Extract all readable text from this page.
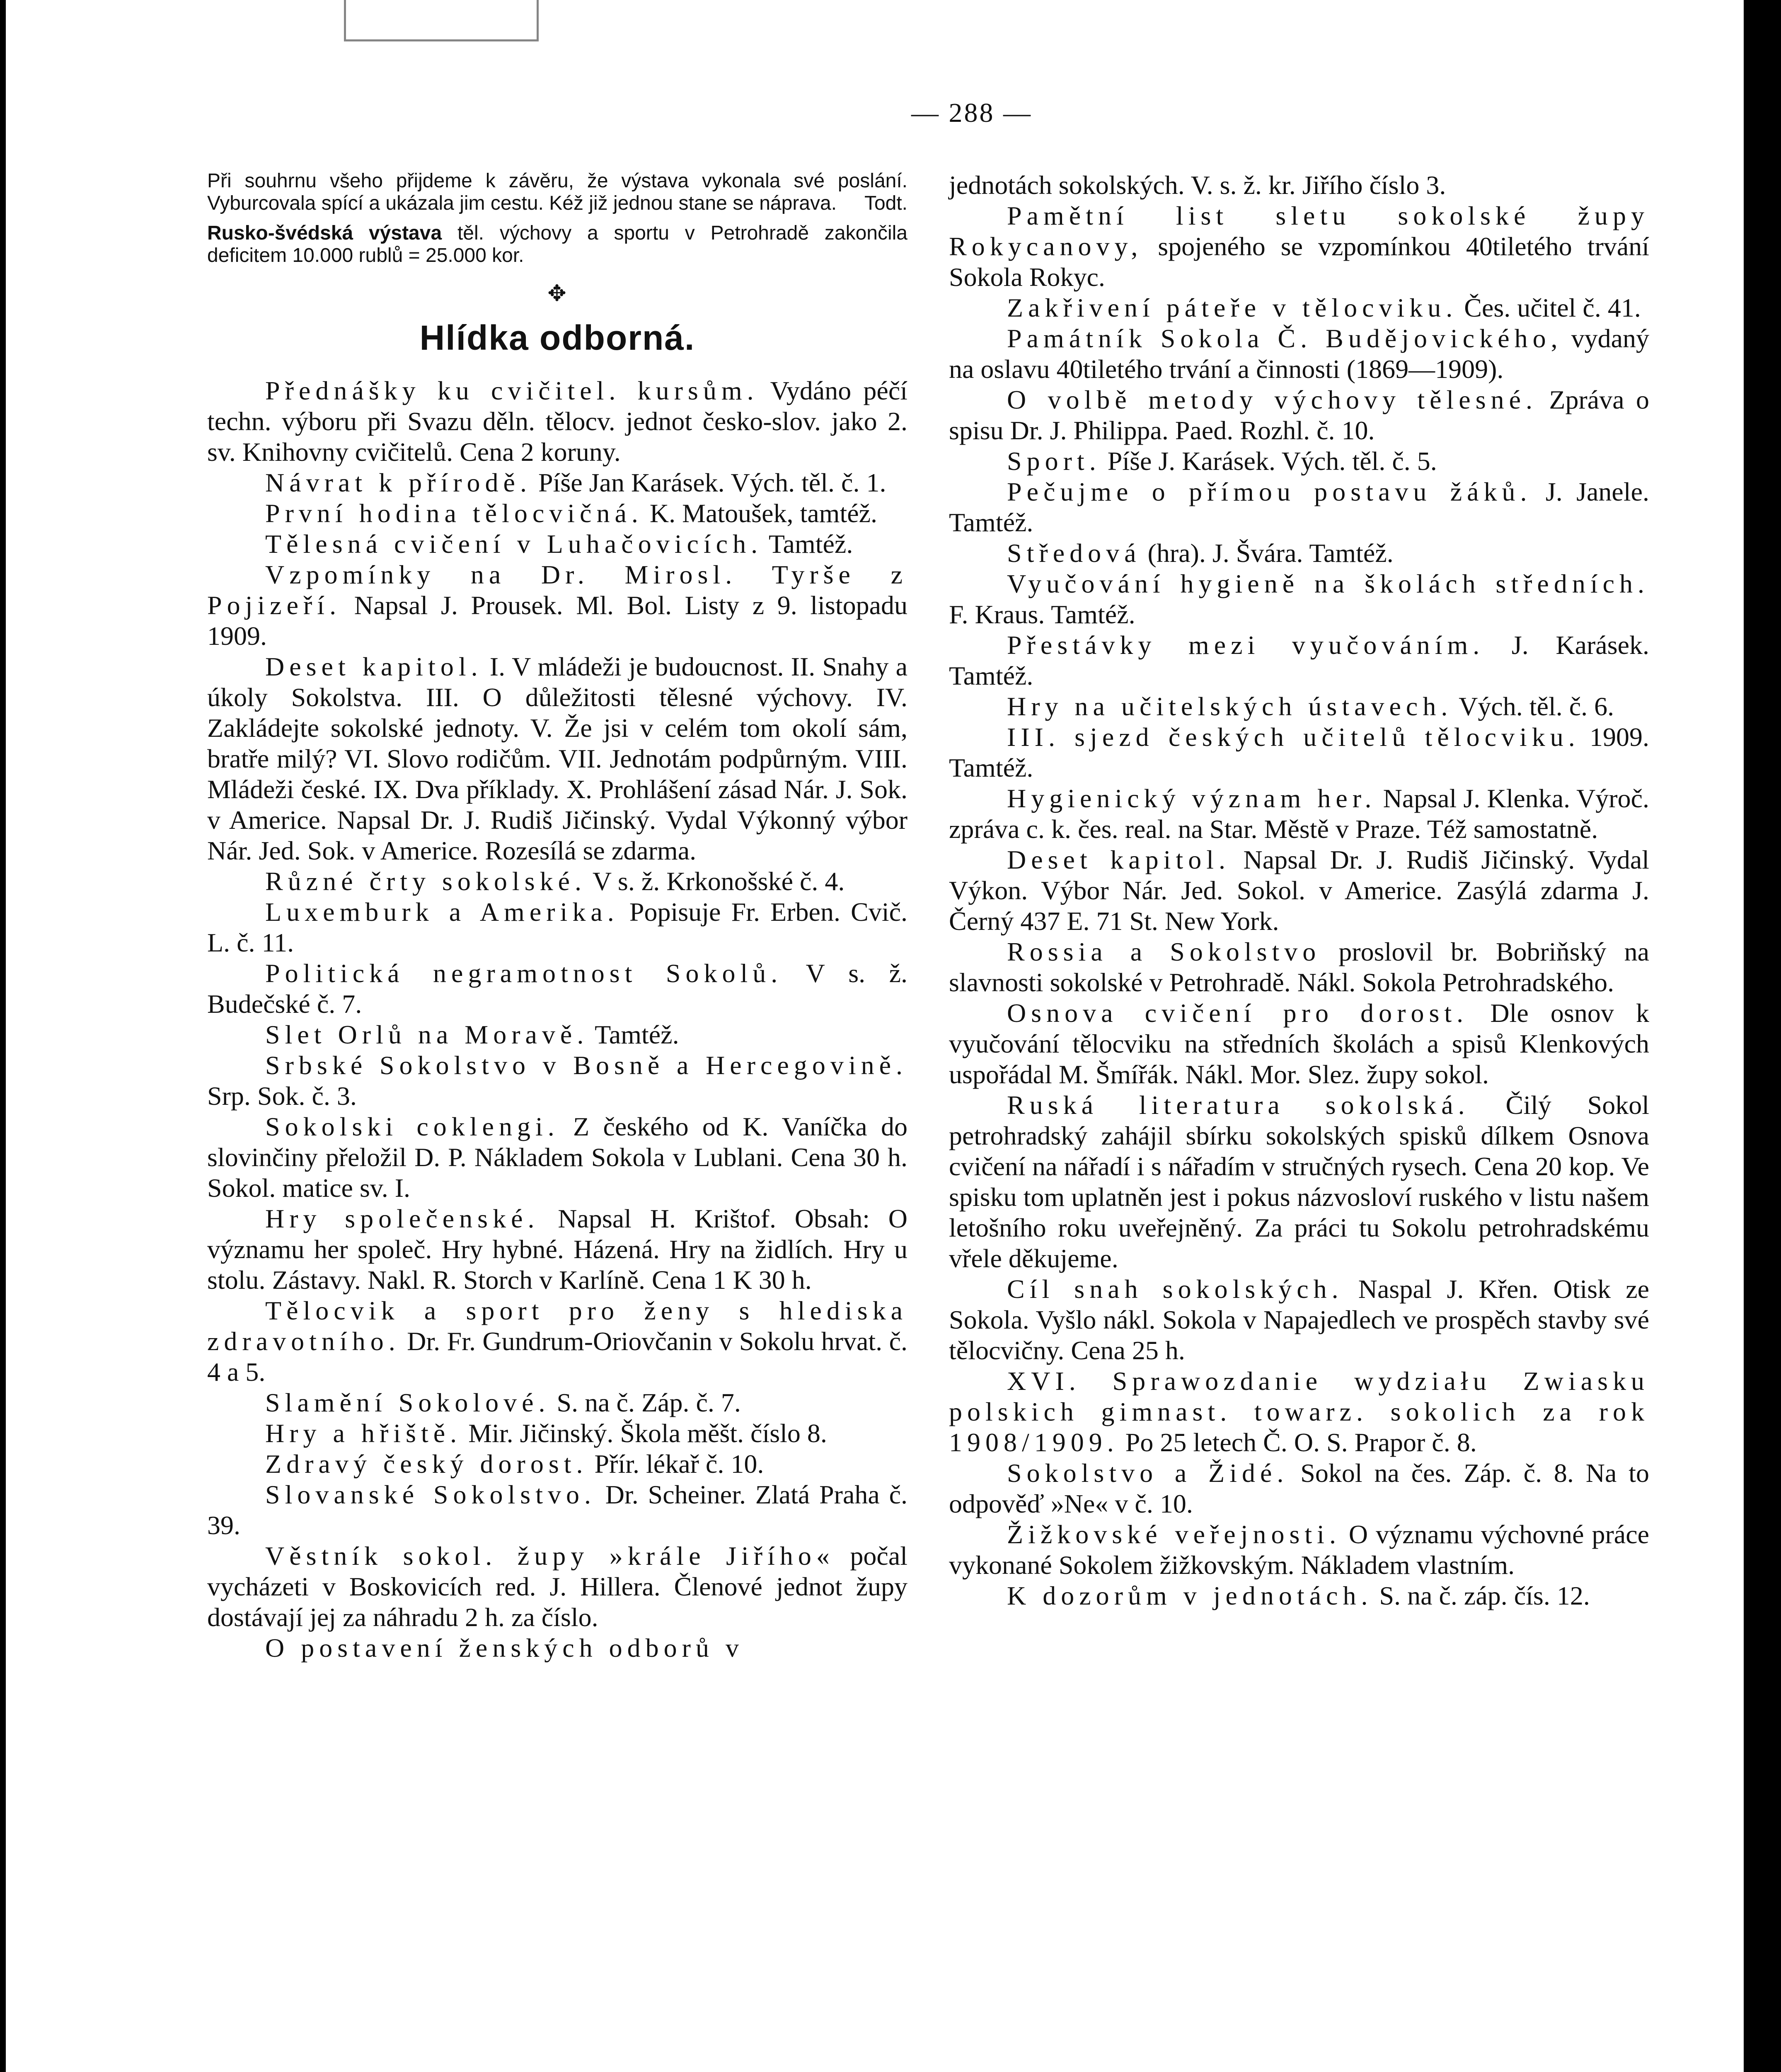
— 288 —

Při souhrnu všeho přijdeme k závěru, že výstava vykonala své poslání. Vyburcovala spící a ukázala jim cestu. Kéž již jednou stane se náprava. Todt.

Rusko-švédská výstava těl. výchovy a sportu v Petrohradě zakončila deficitem 10.000 rublů = 25.000 kor.

✥
Hlídka odborná.

Přednášky ku cvičitel. kursům. Vydáno péčí techn. výboru při Svazu děln. tělocv. jednot česko-slov. jako 2. sv. Knihovny cvičitelů. Cena 2 koruny.

Návrat k přírodě. Píše Jan Karásek. Vých. těl. č. 1.

První hodina tělocvičná. K. Matoušek, tamtéž.

Tělesná cvičení v Luhačovicích. Tamtéž.

Vzpomínky na Dr. Mirosl. Tyrše z Pojizeří. Napsal J. Prousek. Ml. Bol. Listy z 9. listopadu 1909.

Deset kapitol. I. V mládeži je budoucnost. II. Snahy a úkoly Sokolstva. III. O důležitosti tělesné výchovy. IV. Zakládejte sokolské jednoty. V. Že jsi v celém tom okolí sám, bratře milý? VI. Slovo rodičům. VII. Jednotám podpůrným. VIII. Mládeži české. IX. Dva příklady. X. Prohlášení zásad Nár. J. Sok. v Americe. Napsal Dr. J. Rudiš Jičinský. Vydal Výkonný výbor Nár. Jed. Sok. v Americe. Rozesílá se zdarma.

Různé črty sokolské. V s. ž. Krkonošské č. 4.

Luxemburk a Amerika. Popisuje Fr. Erben. Cvič. L. č. 11.

Politická negramotnost Sokolů. V s. ž. Budečské č. 7.

Slet Orlů na Moravě. Tamtéž.

Srbské Sokolstvo v Bosně a Hercegovině. Srp. Sok. č. 3.

Sokolski coklengi. Z českého od K. Vaníčka do slovinčiny přeložil D. P. Nákladem Sokola v Lublani. Cena 30 h. Sokol. matice sv. I.

Hry společenské. Napsal H. Krištof. Obsah: O významu her společ. Hry hybné. Házená. Hry na židlích. Hry u stolu. Zástavy. Nakl. R. Storch v Karlíně. Cena 1 K 30 h.

Tělocvik a sport pro ženy s hlediska zdravotního. Dr. Fr. Gundrum-Oriovčanin v Sokolu hrvat. č. 4 a 5.

Slamění Sokolové. S. na č. Záp. č. 7.

Hry a hřiště. Mir. Jičinský. Škola měšt. číslo 8.

Zdravý český dorost. Přír. lékař č. 10.

Slovanské Sokolstvo. Dr. Scheiner. Zlatá Praha č. 39.

Věstník sokol. župy »krále Jiřího« počal vycházeti v Boskovicích red. J. Hillera. Členové jednot župy dostávají jej za náhradu 2 h. za číslo.

O postavení ženských odborů v

jednotách sokolských. V. s. ž. kr. Jiřího číslo 3.

Pamětní list sletu sokolské župy Rokycanovy, spojeného se vzpomínkou 40tiletého trvání Sokola Rokyc.

Zakřivení páteře v tělocviku. Čes. učitel č. 41.

Památník Sokola Č. Budějovického, vydaný na oslavu 40tiletého trvání a činnosti (1869—1909).

O volbě metody výchovy tělesné. Zpráva o spisu Dr. J. Philippa. Paed. Rozhl. č. 10.

Sport. Píše J. Karásek. Vých. těl. č. 5.

Pečujme o přímou postavu žáků. J. Janele. Tamtéž.

Středová (hra). J. Švára. Tamtéž.

Vyučování hygieně na školách středních. F. Kraus. Tamtéž.

Přestávky mezi vyučováním. J. Karásek. Tamtéž.

Hry na učitelských ústavech. Vých. těl. č. 6.

III. sjezd českých učitelů tělocviku. 1909. Tamtéž.

Hygienický význam her. Napsal J. Klenka. Výroč. zpráva c. k. čes. real. na Star. Městě v Praze. Též samostatně.

Deset kapitol. Napsal Dr. J. Rudiš Jičinský. Vydal Výkon. Výbor Nár. Jed. Sokol. v Americe. Zasýlá zdarma J. Černý 437 E. 71 St. New York.

Rossia a Sokolstvo proslovil br. Bobriňský na slavnosti sokolské v Petrohradě. Nákl. Sokola Petrohradského.

Osnova cvičení pro dorost. Dle osnov k vyučování tělocviku na středních školách a spisů Klenkových uspořádal M. Šmířák. Nákl. Mor. Slez. župy sokol.

Ruská literatura sokolská. Čilý Sokol petrohradský zahájil sbírku sokolských spisků dílkem Osnova cvičení na nářadí i s nářadím v stručných rysech. Cena 20 kop. Ve spisku tom uplatněn jest i pokus názvosloví ruského v listu našem letošního roku uveřejněný. Za práci tu Sokolu petrohradskému vřele děkujeme.

Cíl snah sokolských. Naspal J. Křen. Otisk ze Sokola. Vyšlo nákl. Sokola v Napajedlech ve prospěch stavby své tělocvičny. Cena 25 h.

XVI. Sprawozdanie wydziału Zwiasku polskich gimnast. towarz. sokolich za rok 1908/1909. Po 25 letech Č. O. S. Prapor č. 8.

Sokolstvo a Židé. Sokol na čes. Záp. č. 8. Na to odpověď »Ne« v č. 10.

Žižkovské veřejnosti. O významu výchovné práce vykonané Sokolem žižkovským. Nákladem vlastním.

K dozorům v jednotách. S. na č. záp. čís. 12.
